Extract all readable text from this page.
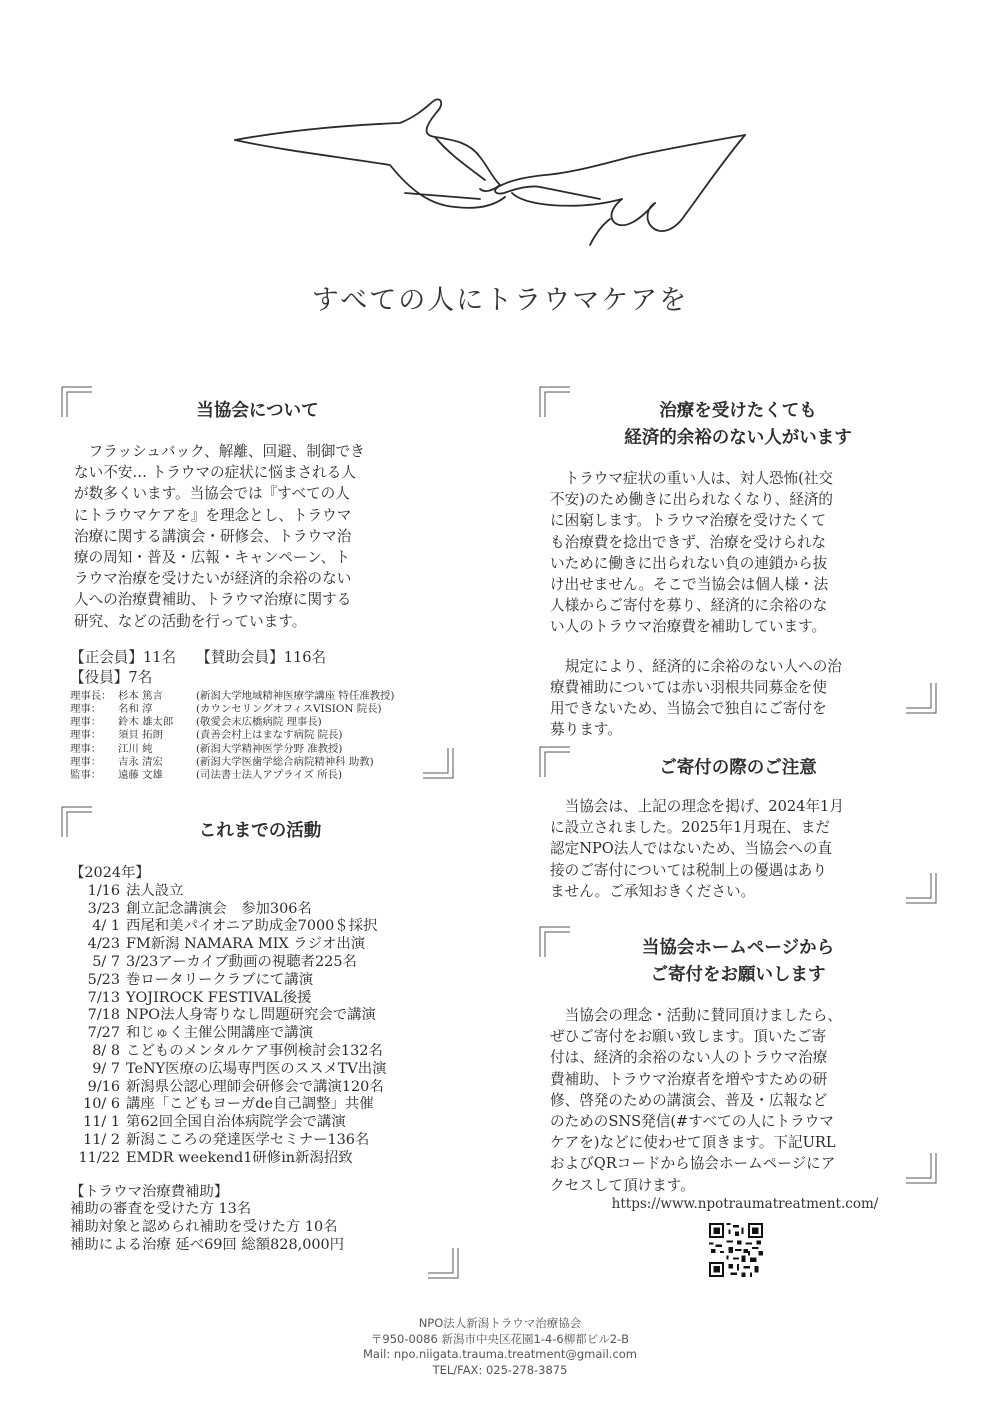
すべての人にトラウマケアを
当協会について

フラッシュバック、解離、回避、制御でき

ない不安… トラウマの症状に悩まされる人

が数多くいます。当協会では『すべての人

にトラウマケアを』を理念とし、トラウマ

治療に関する講演会・研修会、トラウマ治

療の周知・普及・広報・キャンペーン、ト

ラウマ治療を受けたいが経済的余裕のない

人への治療費補助、トラウマ治療に関する

研究、などの活動を行っています。

【正会員】11名 【賛助会員】116名

【役員】7名

理事長： 杉本 篤言	(新潟大学地域精神医療学講座 特任准教授)
理事：	名和 淳	(カウンセリングオフィスVISION 院長)
理事：	鈴木 雄太郎	(敬愛会末広橋病院 理事長)
理事：	須貝 拓朗	(責善会村上はまなす病院 院長)
理事：	江川 純	(新潟大学精神医学分野 准教授)
理事：	吉永 清宏	(新潟大学医歯学総合病院精神科 助教)
監事：	遠藤 文雄	(司法書士法人アプライズ 所長)
これまでの活動

【2024年】

1/16 法人設立
3/23 創立記念講演会　参加306名
4/ 1 西尾和美パイオニア助成金7000＄採択
4/23 FM新潟 NAMARA MIX ラジオ出演
5/ 7 3/23アーカイブ動画の視聴者225名
5/23 巻ロータリークラブにて講演
7/13 YOJIROCK FESTIVAL後援
7/18 NPO法人身寄りなし問題研究会で講演
7/27 和じゅく主催公開講座で講演
8/ 8 こどものメンタルケア事例検討会132名
9/ 7 TeNY医療の広場専門医のススメTV出演
9/16 新潟県公認心理師会研修会で講演120名
10/ 6 講座「こどもヨーガde自己調整」共催
11/ 1 第62回全国自治体病院学会で講演
11/ 2 新潟こころの発達医学セミナー136名
11/22 EMDR weekend1研修in新潟招致

【トラウマ治療費補助】

補助の審査を受けた方 13名

補助対象と認められ補助を受けた方 10名

補助による治療 延べ69回 総額828,000円

治療を受けたくても
経済的余裕のない人がいます

トラウマ症状の重い人は、対人恐怖(社交

不安)のため働きに出られなくなり、経済的

に困窮します。トラウマ治療を受けたくて

も治療費を捻出できず、治療を受けられな

いために働きに出られない負の連鎖から抜

け出せません。そこで当協会は個人様・法

人様からご寄付を募り、経済的に余裕のな

い人のトラウマ治療費を補助しています。

規定により、経済的に余裕のない人への治

療費補助については赤い羽根共同募金を使

用できないため、当協会で独自にご寄付を

募ります。

ご寄付の際のご注意

当協会は、上記の理念を掲げ、2024年1月

に設立されました。2025年1月現在、まだ

認定NPO法人ではないため、当協会への直

接のご寄付については税制上の優遇はあり

ません。ご承知おきください。

当協会ホームページから
ご寄付をお願いします

当協会の理念・活動に賛同頂けましたら、

ぜひご寄付をお願い致します。頂いたご寄

付は、経済的余裕のない人のトラウマ治療

費補助、トラウマ治療者を増やすための研

修、啓発のための講演会、普及・広報など

のためのSNS発信(#すべての人にトラウマ

ケアを)などに使わせて頂きます。下記URL

およびQRコードから協会ホームページにア

クセスして頂けます。

https://www.npotraumatreatment.com/
NPO法人新潟トラウマ治療協会
〒950-0086 新潟市中央区花園1-4-6柳都ビル2-B
Mail: npo.niigata.trauma.treatment@gmail.com
TEL/FAX: 025-278-3875
